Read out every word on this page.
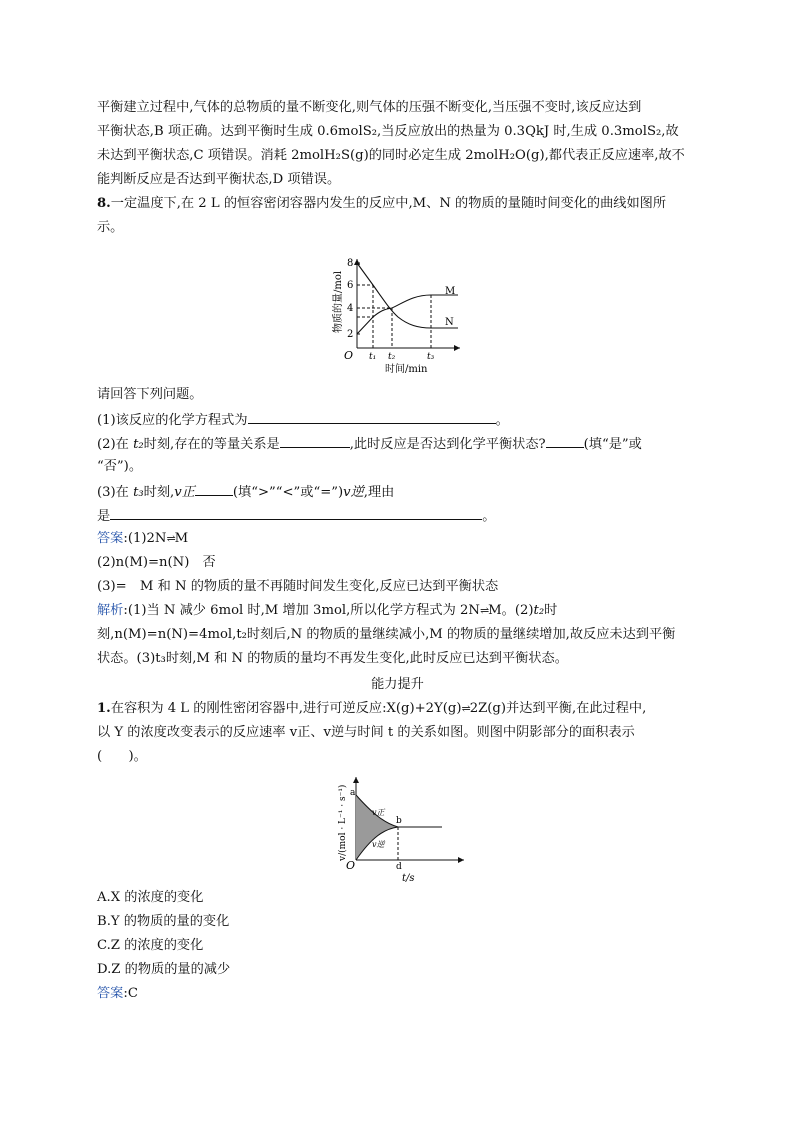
平衡建立过程中,气体的总物质的量不断变化,则气体的压强不断变化,当压强不变时,该反应达到
平衡状态,B 项正确。达到平衡时生成 0.6molS₂,当反应放出的热量为 0.3QkJ 时,生成 0.3molS₂,故
未达到平衡状态,C 项错误。消耗 2molH₂S(g)的同时必定生成 2molH₂O(g),都代表正反应速率,故不
能判断反应是否达到平衡状态,D 项错误。
8.一定温度下,在 2 L 的恒容密闭容器内发生的反应中,M、N 的物质的量随时间变化的曲线如图所
示。
2
4
6
8
物质的量/mol	M
N
O t₁ t₂	t₃
时间/min
请回答下列问题。
(1)该反应的化学方程式为	。
(2)在 t₂时刻,存在的等量关系是	,此时反应是否达到化学平衡状态?	(填“是”或
“否”)。
(3)在 t₃时刻,v正	(填“>”“<”或“=”)v逆,理由
是	。
答案:(1)2N⇌M
(2)n(M)=n(N)　否
(3)=　M 和 N 的物质的量不再随时间发生变化,反应已达到平衡状态
解析:(1)当 N 减少 6mol 时,M 增加 3mol,所以化学方程式为 2N⇌M。(2)t₂时
刻,n(M)=n(N)=4mol,t₂时刻后,N 的物质的量继续减小,M 的物质的量继续增加,故反应未达到平衡
状态。(3)t₃时刻,M 和 N 的物质的量均不再发生变化,此时反应已达到平衡状态。
能力提升
1.在容积为 4 L 的刚性密闭容器中,进行可逆反应:X(g)+2Y(g)⇌2Z(g)并达到平衡,在此过程中,
以 Y 的浓度改变表示的反应速率 v正、v逆与时间 t 的关系如图。则图中阴影部分的面积表示
(　　)。
a
b
d
v正
v逆
v/(mol · L⁻¹ · s⁻¹)
O
t/s
A.X 的浓度的变化
B.Y 的物质的量的变化
C.Z 的浓度的变化
D.Z 的物质的量的减少
答案:C
